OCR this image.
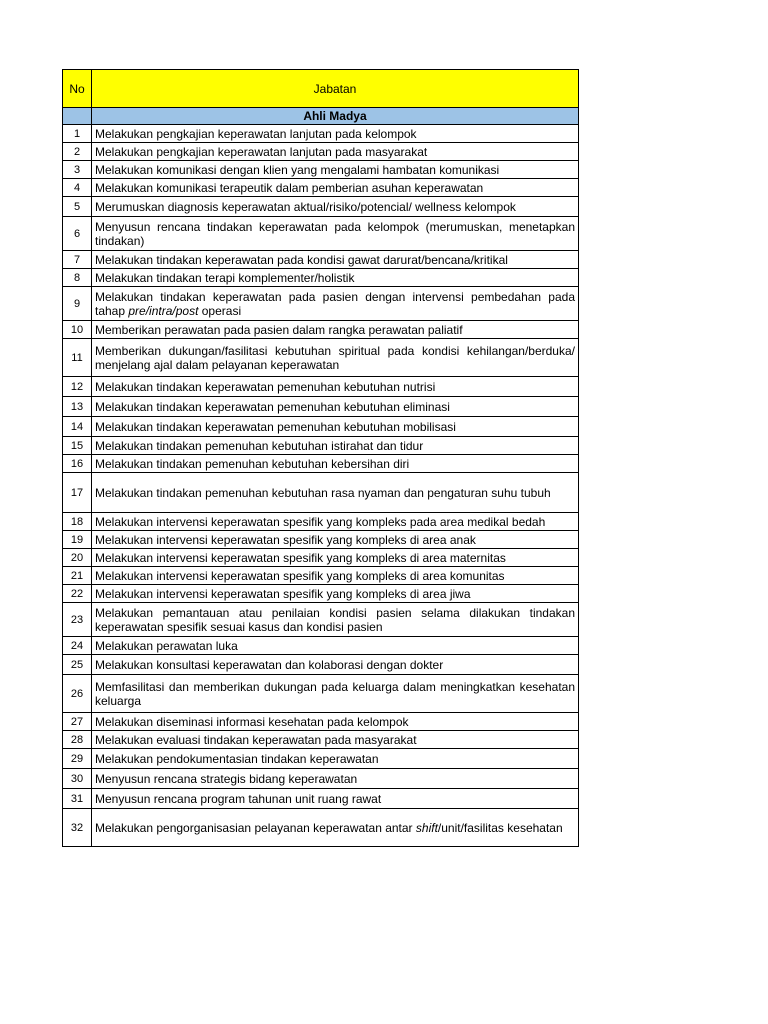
No	Jabatan
	Ahli Madya
1	Melakukan pengkajian keperawatan lanjutan pada kelompok
2	Melakukan pengkajian keperawatan lanjutan pada masyarakat
3	Melakukan komunikasi dengan klien yang mengalami hambatan komunikasi
4	Melakukan komunikasi terapeutik dalam pemberian asuhan keperawatan
5	Merumuskan diagnosis keperawatan aktual/risiko/potencial/ wellness kelompok
6	Menyusun rencana tindakan keperawatan pada kelompok (merumuskan, menetapkan tindakan)
7	Melakukan tindakan keperawatan pada kondisi gawat darurat/bencana/kritikal
8	Melakukan tindakan terapi komplementer/holistik
9	Melakukan tindakan keperawatan pada pasien dengan intervensi pembedahan pada tahap pre/intra/post operasi
10	Memberikan perawatan pada pasien dalam rangka perawatan paliatif
11	Memberikan dukungan/fasilitasi kebutuhan spiritual pada kondisi kehilangan/berduka/ menjelang ajal dalam pelayanan keperawatan
12	Melakukan tindakan keperawatan pemenuhan kebutuhan nutrisi
13	Melakukan tindakan keperawatan pemenuhan kebutuhan eliminasi
14	Melakukan tindakan keperawatan pemenuhan kebutuhan mobilisasi
15	Melakukan tindakan pemenuhan kebutuhan istirahat dan tidur
16	Melakukan tindakan pemenuhan kebutuhan kebersihan diri
17	Melakukan tindakan pemenuhan kebutuhan rasa nyaman dan pengaturan suhu tubuh
18	Melakukan intervensi keperawatan spesifik yang kompleks pada area medikal bedah
19	Melakukan intervensi keperawatan spesifik yang kompleks di area anak
20	Melakukan intervensi keperawatan spesifik yang kompleks di area maternitas
21	Melakukan intervensi keperawatan spesifik yang kompleks di area komunitas
22	Melakukan intervensi keperawatan spesifik yang kompleks di area jiwa
23	Melakukan pemantauan atau penilaian kondisi pasien selama dilakukan tindakan keperawatan spesifik sesuai kasus dan kondisi pasien
24	Melakukan perawatan luka
25	Melakukan konsultasi keperawatan dan kolaborasi dengan dokter
26	Memfasilitasi dan memberikan dukungan pada keluarga dalam meningkatkan kesehatan keluarga
27	Melakukan diseminasi informasi kesehatan pada kelompok
28	Melakukan evaluasi tindakan keperawatan pada masyarakat
29	Melakukan pendokumentasian tindakan keperawatan
30	Menyusun rencana strategis bidang keperawatan
31	Menyusun rencana program tahunan unit ruang rawat
32	Melakukan pengorganisasian pelayanan keperawatan antar shift/unit/fasilitas kesehatan
